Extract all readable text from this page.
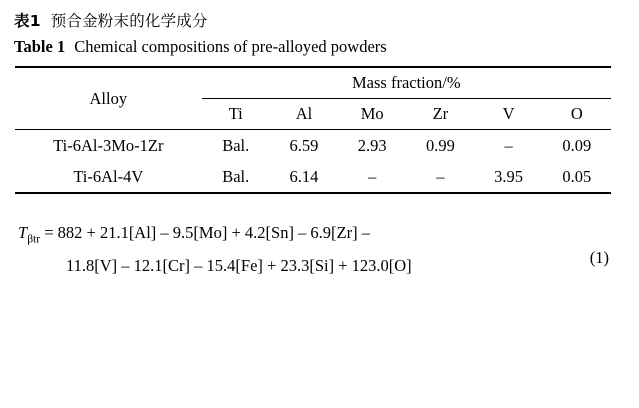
表1 预合金粉末的化学成分
Table 1 Chemical compositions of pre-alloyed powders

Alloy	Mass fraction/%					
	Ti	Al	Mo	Zr	V	O

Ti-6Al-3Mo-1Zr	Bal.	6.59	2.93	0.99	–	0.09
Ti-6Al-4V	Bal.	6.14	–	–	3.95	0.05

$T_{\beta tr} = 882 + 21.1[Al] - 9.5[Mo] + 4.2[Sn] - 6.9[Zr]$ –
11.8[V] – 12.1[Cr] – 15.4[Fe] + 23.3[Si] + 123.0[O]	(1)
